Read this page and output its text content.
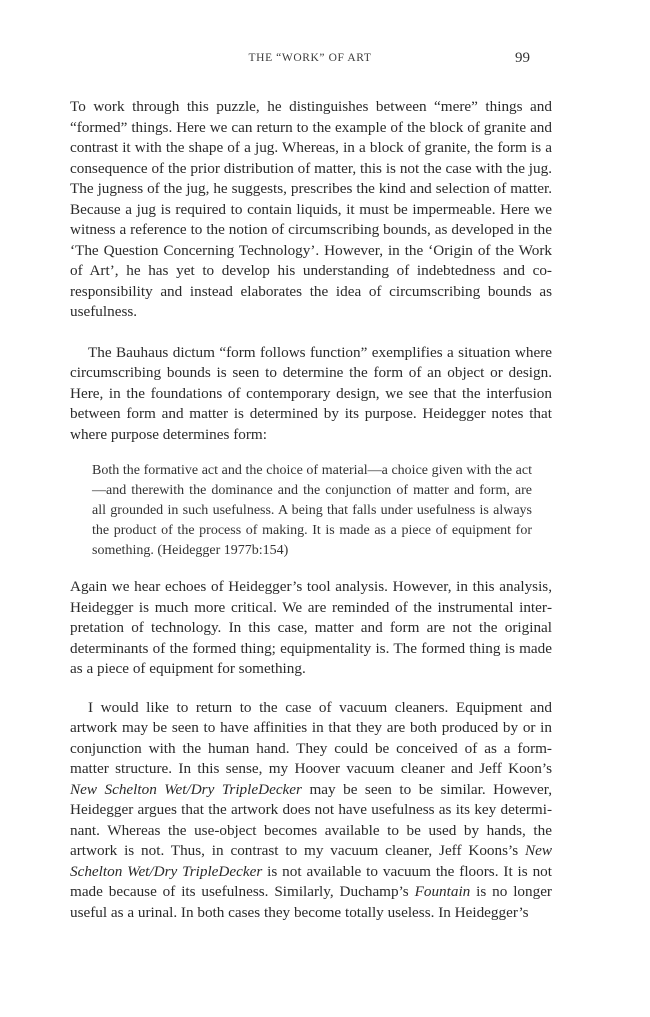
THE “WORK” OF ART	99

To work through this puzzle, he distinguishes between “mere” things and “formed” things. Here we can return to the example of the block of granite and contrast it with the shape of a jug. Whereas, in a block of granite, the form is a consequence of the prior distribution of matter, this is not the case with the jug. The jugness of the jug, he suggests, prescribes the kind and selection of matter. Because a jug is required to contain liquids, it must be impermeable. Here we witness a reference to the notion of circumscribing bounds, as developed in the ‘The Question Concerning Technology’. However, in the ‘Origin of the Work of Art’, he has yet to develop his understanding of indebtedness and co-responsibility and instead elaborates the idea of circumscribing bounds as usefulness.

The Bauhaus dictum “form follows function” exemplifies a situation where circumscribing bounds is seen to determine the form of an object or design. Here, in the foundations of contemporary design, we see that the interfusion between form and matter is determined by its purpose. Heidegger notes that where purpose determines form:

Both the formative act and the choice of material—a choice given with the act—and therewith the dominance and the conjunction of matter and form, are all grounded in such usefulness. A being that falls under usefulness is always the product of the process of making. It is made as a piece of equipment for something. (Heidegger 1977b:154)

Again we hear echoes of Heidegger’s tool analysis. However, in this analysis, Heidegger is much more critical. We are reminded of the instrumental interpretation of technology. In this case, matter and form are not the original determinants of the formed thing; equipmentality is. The formed thing is made as a piece of equipment for something.

I would like to return to the case of vacuum cleaners. Equipment and artwork may be seen to have affinities in that they are both produced by or in conjunction with the human hand. They could be conceived of as a form-matter structure. In this sense, my Hoover vacuum cleaner and Jeff Koon’s New Schelton Wet/Dry TripleDecker may be seen to be similar. However, Heidegger argues that the artwork does not have usefulness as its key determinant. Whereas the use-object becomes available to be used by hands, the artwork is not. Thus, in contrast to my vacuum cleaner, Jeff Koons’s New Schelton Wet/Dry TripleDecker is not available to vacuum the floors. It is not made because of its usefulness. Similarly, Duchamp’s Fountain is no longer useful as a urinal. In both cases they become totally useless. In Heidegger’s
